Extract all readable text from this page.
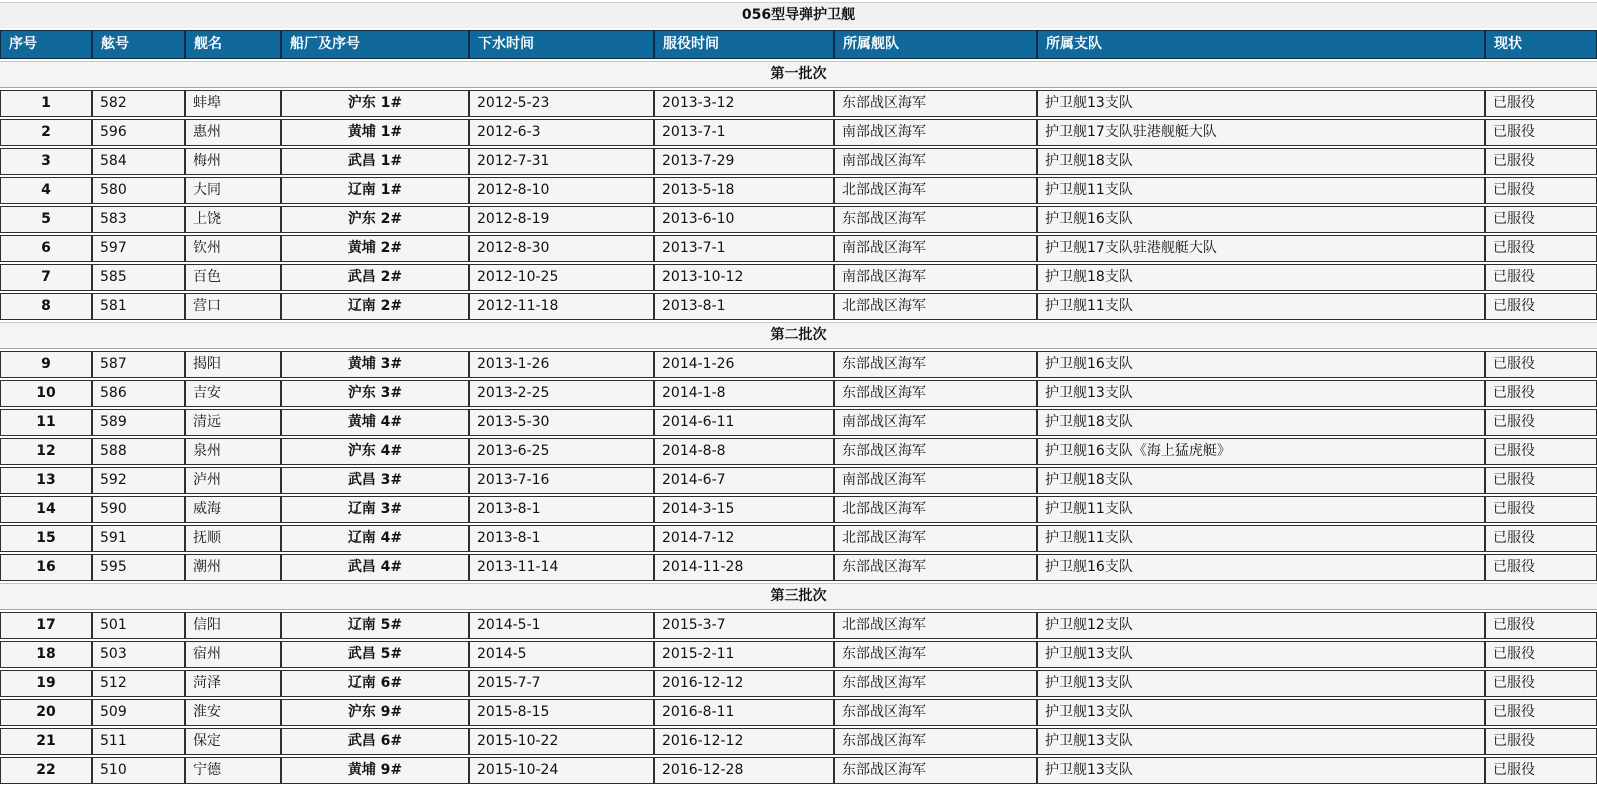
056型导弹护卫舰								
序号	舷号	舰名	船厂及序号	下水时间	服役时间	所属舰队	所属支队	现状
第一批次								
1	582	蚌埠	沪东 1#	2012-5-23	2013-3-12	东部战区海军	护卫舰13支队	已服役
2	596	惠州	黄埔 1#	2012-6-3	2013-7-1	南部战区海军	护卫舰17支队驻港舰艇大队	已服役
3	584	梅州	武昌 1#	2012-7-31	2013-7-29	南部战区海军	护卫舰18支队	已服役
4	580	大同	辽南 1#	2012-8-10	2013-5-18	北部战区海军	护卫舰11支队	已服役
5	583	上饶	沪东 2#	2012-8-19	2013-6-10	东部战区海军	护卫舰16支队	已服役
6	597	钦州	黄埔 2#	2012-8-30	2013-7-1	南部战区海军	护卫舰17支队驻港舰艇大队	已服役
7	585	百色	武昌 2#	2012-10-25	2013-10-12	南部战区海军	护卫舰18支队	已服役
8	581	营口	辽南 2#	2012-11-18	2013-8-1	北部战区海军	护卫舰11支队	已服役
第二批次								
9	587	揭阳	黄埔 3#	2013-1-26	2014-1-26	东部战区海军	护卫舰16支队	已服役
10	586	吉安	沪东 3#	2013-2-25	2014-1-8	东部战区海军	护卫舰13支队	已服役
11	589	清远	黄埔 4#	2013-5-30	2014-6-11	南部战区海军	护卫舰18支队	已服役
12	588	泉州	沪东 4#	2013-6-25	2014-8-8	东部战区海军	护卫舰16支队《海上猛虎艇》	已服役
13	592	泸州	武昌 3#	2013-7-16	2014-6-7	南部战区海军	护卫舰18支队	已服役
14	590	威海	辽南 3#	2013-8-1	2014-3-15	北部战区海军	护卫舰11支队	已服役
15	591	抚顺	辽南 4#	2013-8-1	2014-7-12	北部战区海军	护卫舰11支队	已服役
16	595	潮州	武昌 4#	2013-11-14	2014-11-28	东部战区海军	护卫舰16支队	已服役
第三批次								
17	501	信阳	辽南 5#	2014-5-1	2015-3-7	北部战区海军	护卫舰12支队	已服役
18	503	宿州	武昌 5#	2014-5	2015-2-11	东部战区海军	护卫舰13支队	已服役
19	512	菏泽	辽南 6#	2015-7-7	2016-12-12	东部战区海军	护卫舰13支队	已服役
20	509	淮安	沪东 9#	2015-8-15	2016-8-11	东部战区海军	护卫舰13支队	已服役
21	511	保定	武昌 6#	2015-10-22	2016-12-12	东部战区海军	护卫舰13支队	已服役
22	510	宁德	黄埔 9#	2015-10-24	2016-12-28	东部战区海军	护卫舰13支队	已服役
